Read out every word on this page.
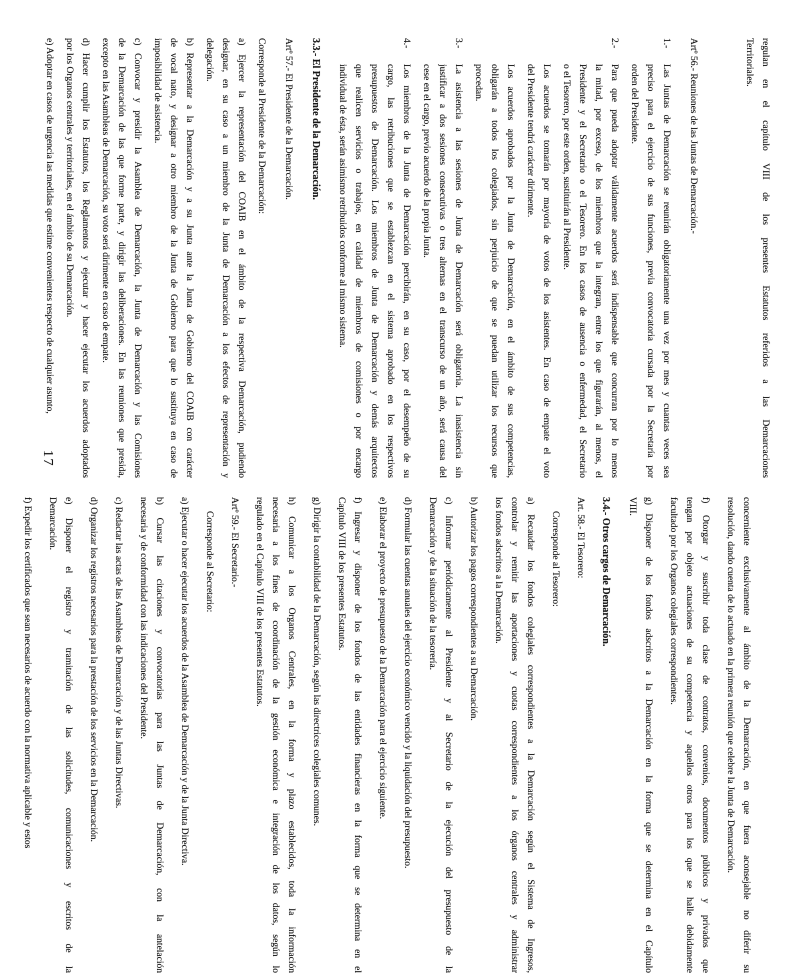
regulan en el capítulo VIII de los presentes Estatutos referidos a las Demarcaciones
Territoriales.
Artº 56.- Reuniones de las Juntas de Demarcación.-
1.-
Las Juntas de Demarcación se reunirán obligatoriamente una vez por mes y cuantas veces sea
preciso para el ejercicio de sus funciones, previa convocatoria cursada por la Secretaría por
orden del Presidente.
2.-
Para que pueda adoptar válidamente acuerdos será indispensable que concurran por lo menos
la mitad, por exceso, de los miembros que la integran, entre los que figurarán, al menos, el
Presidente y el Secretario o el Tesorero. En los casos de ausencia o enfermedad, el Secretario
o el Tesorero, por este orden, sustituirán al Presidente.
Los acuerdos se tomarán por mayoría de votos de los asistentes. En caso de empate el voto
del Presidente tendrá carácter dirimente.
Los acuerdos aprobados por la Junta de Demarcación, en el ámbito de sus competencias,
obligarán a todos los colegiados, sin perjuicio de que se puedan utilizar los recursos que
procedan.
3.-
La asistencia a las sesiones de Junta de Demarcación será obligatoria. La inasistencia sin
justificar a dos sesiones consecutivas o tres alternas en el transcurso de un año, será causa del
cese en el cargo, previo acuerdo de la propia Junta.
4.-
Los miembros de la Junta de Demarcación percibirán, en su caso, por el desempeño de su
cargo, las retribuciones que se establezcan en el sistema aprobado en los respectivos
presupuestos de Demarcación. Los miembros de Junta de Demarcación y demás arquitectos
que realicen servicios o trabajos, en calidad de miembros de comisiones o por encargo
individual de ésta, serán asimismo retribuidos conforme al mismo sistema.
3.3.- El Presidente de la Demarcación.
Artº 57.- El Presidente de la Demarcación.
Corresponde al Presidente de la Demarcación:
a) Ejercer la representación del COAIB en el ámbito de la respectiva Demarcación, pudiendo
designar, en su caso a un miembro de la Junta de Demarcación a los efectos de representación y
delegación.
b) Representar a la Demarcación y a su Junta ante la Junta de Gobierno del COAIB con carácter
de vocal nato, y designar a otro miembro de la Junta de Gobierno para que lo sustituya en caso de
imposibilidad de asistencia.
c) Convocar y presidir la Asamblea de Demarcación, la Junta de Demarcación y las Comisiones
de la Demarcación de las que forme parte, y dirigir las deliberaciones. En las reuniones que presida,
excepto en las Asambleas de Demarcación, su voto será dirimente en caso de empate.
d) Hacer cumplir los Estatutos, los Reglamentos y ejecutar y hacer ejecutar los acuerdos adoptados
por los Organos centrales y territoriales, en el ámbito de su Demarcación.
e) Adoptar en casos de urgencia las medidas que estime convenientes respecto de cualquier asunto,
concerniente exclusivamente al ámbito de la Demarcación, en que fuera aconsejable no diferir su
resolución, dando cuenta de lo actuado en la primera reunión que celebre la Junta de Demarcación.
f) Otorgar y suscribir toda clase de contratos, convenios, documentos públicos y privados que
tengan por objeto actuaciones de su competencia y aquellos otros para los que se halle debidamente
facultado por los Organos colegiales correspondientes.
g) Disponer de los fondos adscritos a la Demarcación en la forma que se determina en el Capítulo
VIII.
3.4.- Otros cargos de Demarcación.
Art. 58.- El Tesorero:
Corresponde al Tesorero:
a) Recaudar los fondos colegiales correspondientes a la Demarcación según el Sistema de Ingresos,
controlar y remitir las aportaciones y cuotas correspondientes a los órganos centrales y administrar
los fondos adscritos a la Demarcación.
b) Autorizar los pagos correspondientes a su Demarcación.
c) Informar periódicamente al Presidente y al Secretario de la ejecución del presupuesto de la
Demarcación y de la situación de la tesorería.
d) Formular las cuentas anuales del ejercicio económico vencido y la liquidación del presupuesto.
e) Elaborar el proyecto de presupuesto de la Demarcación para el ejercicio siguiente.
f) Ingresar y disponer de los fondos de las entidades financieras en la forma que se determina en el
Capítulo VIII de los presentes Estatutos.
g) Dirigir la contabilidad de la Demarcación, según las directrices colegiales comunes.
h) Comunicar a los Organos Centrales, en la forma y plazo establecidos, toda la información
necesaria a los fines de coordinación de la gestión económica e integración de los datos, según lo
regulado en el Capítulo VIII de los presentes Estatutos.
Artº 59.- El Secretario.-
Corresponde al Secretario:
a) Ejecutar o hacer ejecutar los acuerdos de la Asamblea de Demarcación y de la Junta Directiva.
b) Cursar las citaciones y convocatorias para las Juntas de Demarcación, con la antelación
necesaria y de conformidad con las indicaciones del Presidente.
c) Redactar las actas de las Asambleas de Demarcación y de las Juntas Directivas.
d) Organizar los registros necesarios para la prestación de los servicios en la Demarcación.
e) Disponer el registro y tramitación de las solicitudes, comunicaciones y escritos de la
Demarcación.
f) Expedir los certificados que sean necesarios de acuerdo con la normativa aplicable y estos
17
